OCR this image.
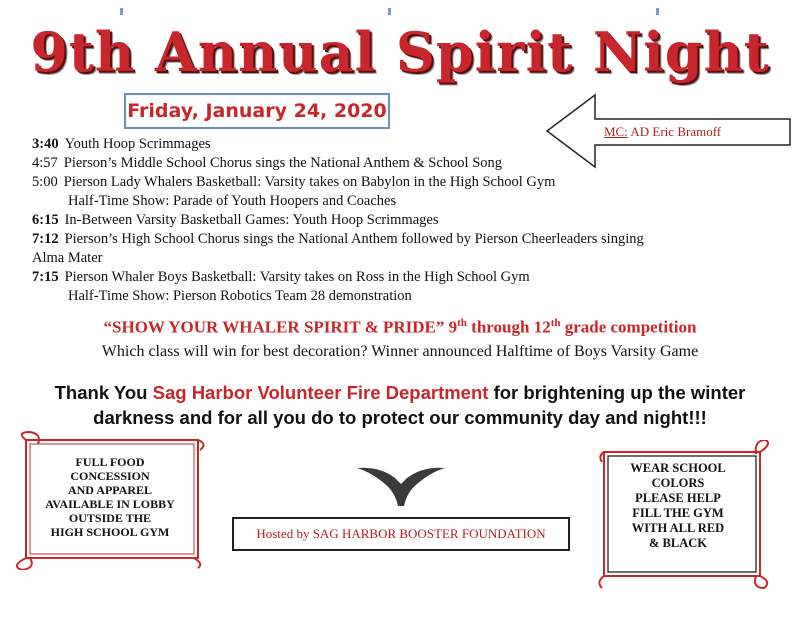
9th Annual Spirit Night
Friday, January 24, 2020
MC: AD Eric Bramoff
3:40 Youth Hoop Scrimmages
4:57 Pierson’s Middle School Chorus sings the National Anthem & School Song
5:00 Pierson Lady Whalers Basketball: Varsity takes on Babylon in the High School Gym
Half-Time Show: Parade of Youth Hoopers and Coaches
6:15 In-Between Varsity Basketball Games: Youth Hoop Scrimmages
7:12 Pierson’s High School Chorus sings the National Anthem followed by Pierson Cheerleaders singing
Alma Mater
7:15 Pierson Whaler Boys Basketball: Varsity takes on Ross in the High School Gym
Half-Time Show: Pierson Robotics Team 28 demonstration
“SHOW YOUR WHALER SPIRIT & PRIDE” 9th through 12th grade competition
Which class will win for best decoration? Winner announced Halftime of Boys Varsity Game
Thank You Sag Harbor Volunteer Fire Department for brightening up the winter darkness and for all you do to protect our community day and night!!!
FULL FOOD
CONCESSION
AND APPAREL
AVAILABLE IN LOBBY
OUTSIDE THE
HIGH SCHOOL GYM
WEAR SCHOOL
COLORS
PLEASE HELP
FILL THE GYM
WITH ALL RED
& BLACK
Hosted by SAG HARBOR BOOSTER FOUNDATION
